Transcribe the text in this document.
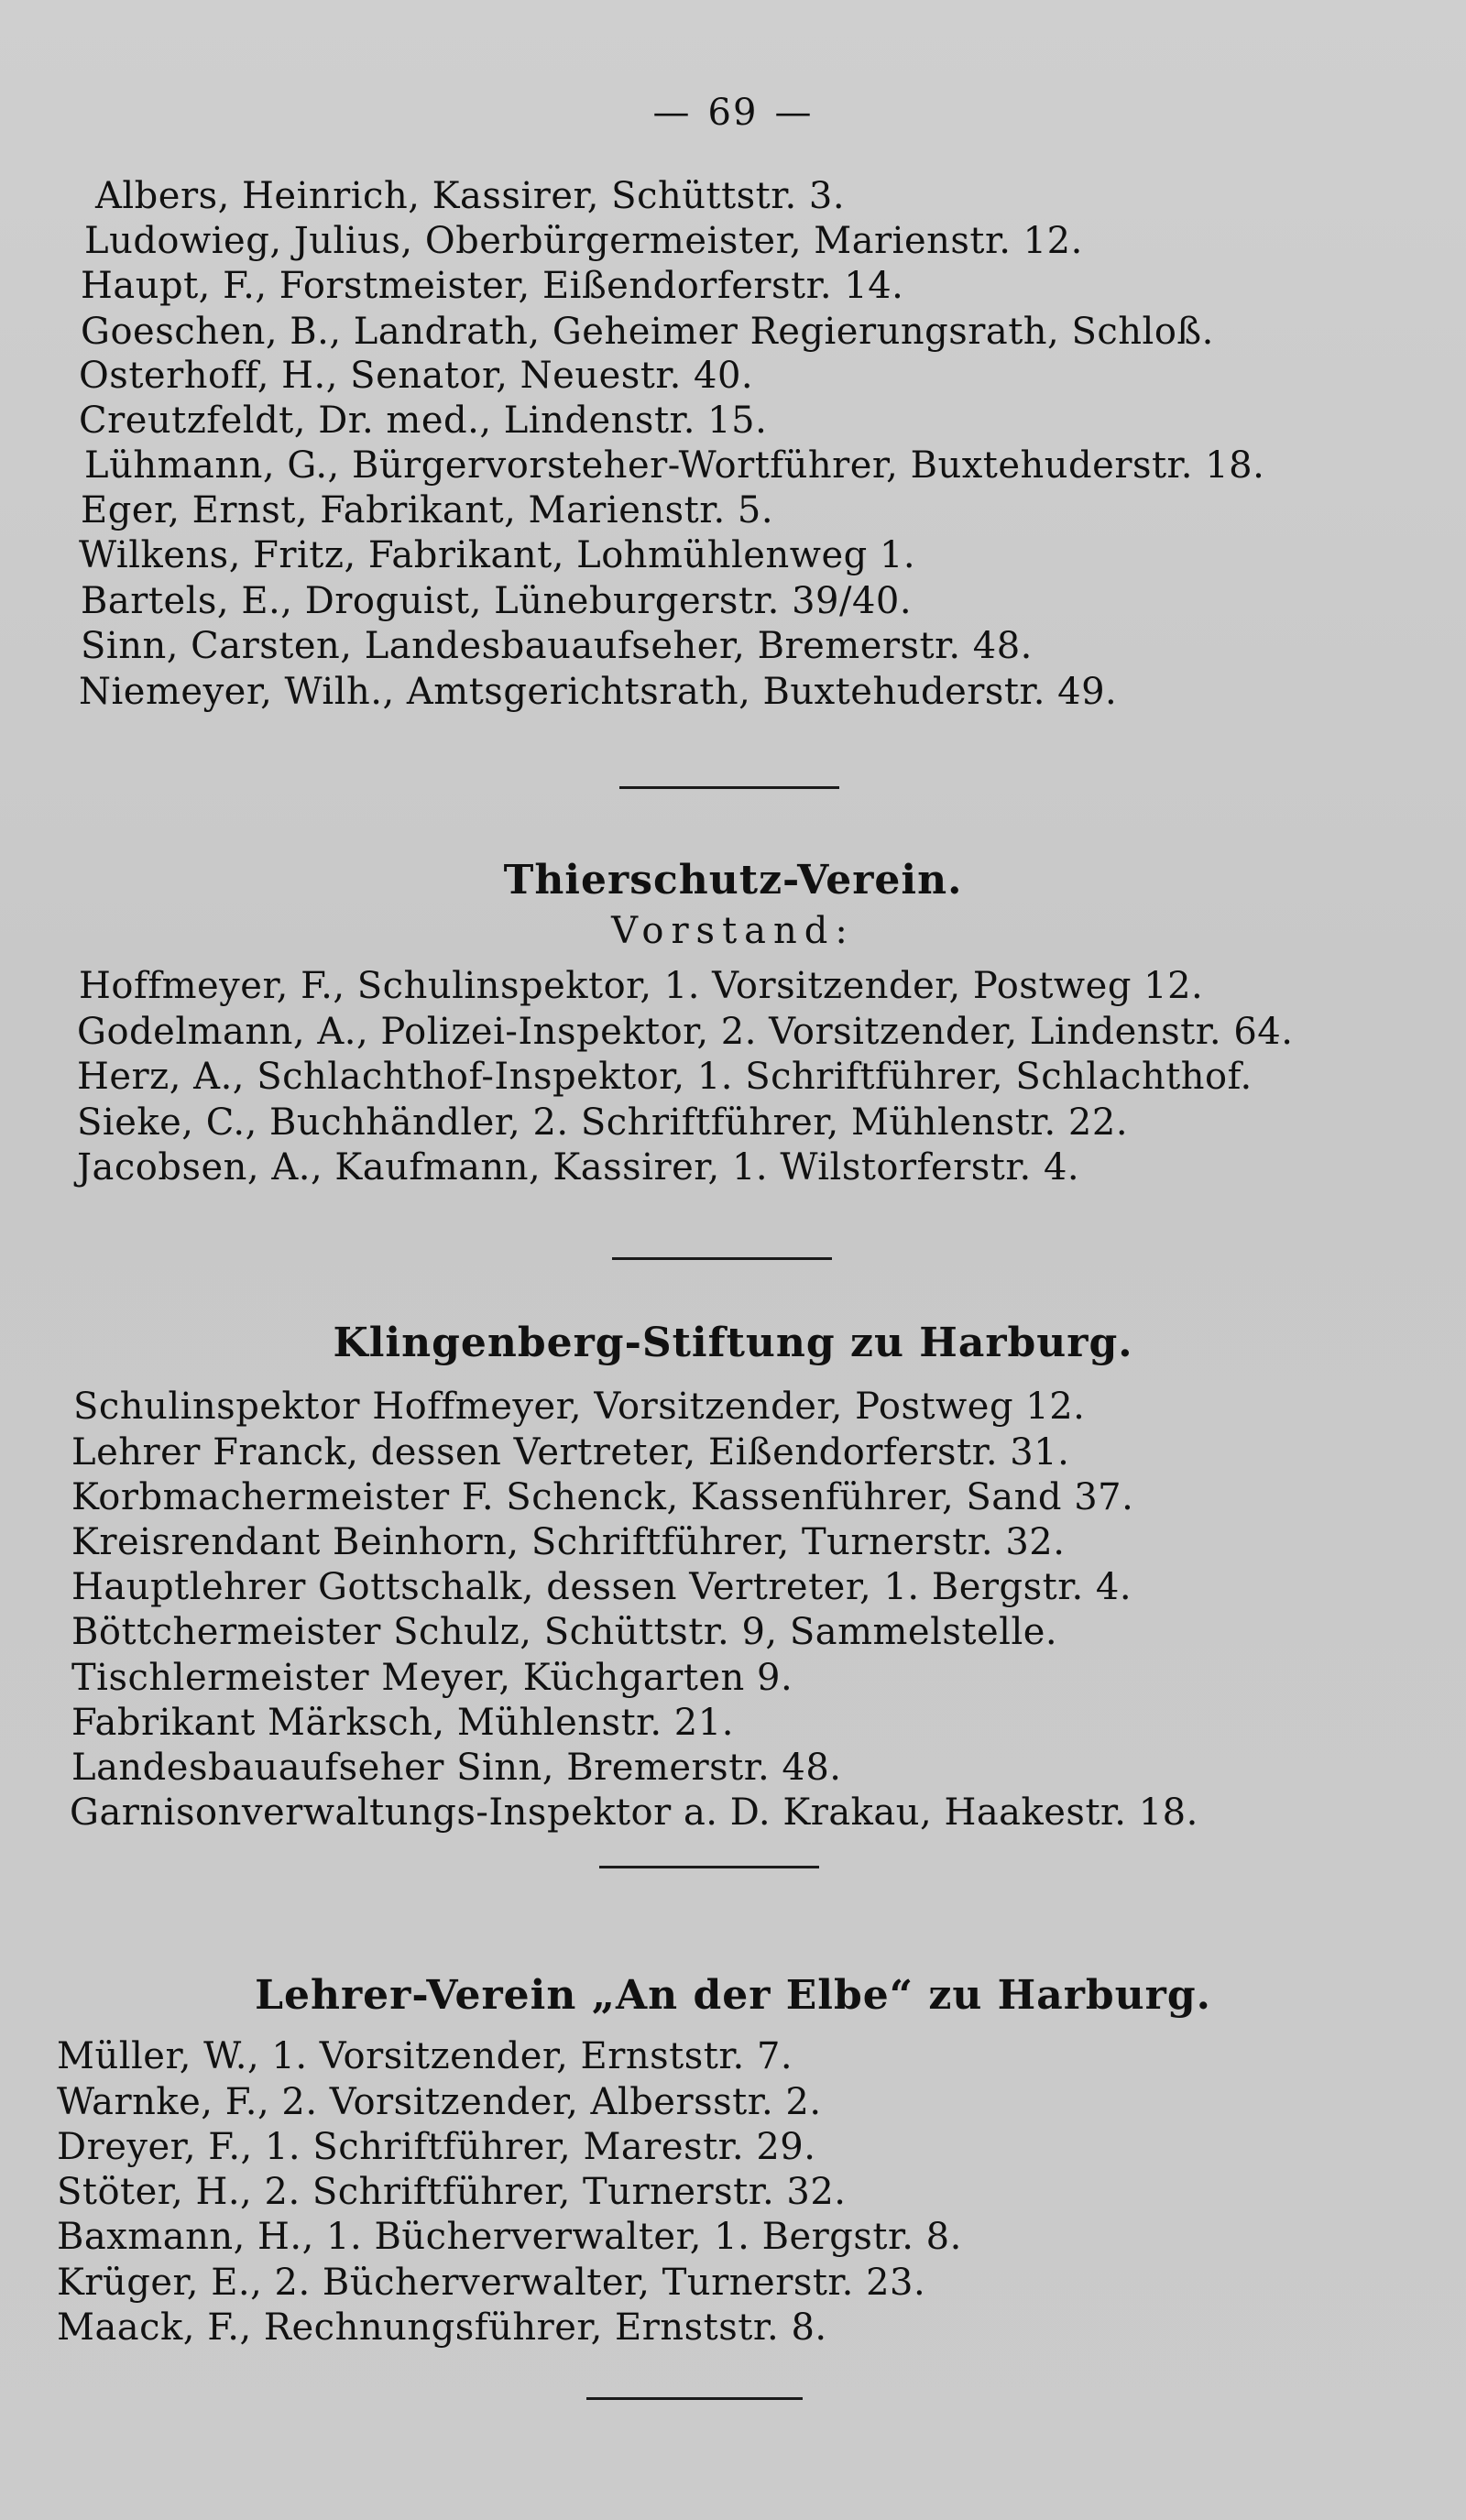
— 69 —
Albers, Heinrich, Kassirer, Schüttstr. 3.
Ludowieg, Julius, Oberbürgermeister, Marienstr. 12.
Haupt, F., Forstmeister, Eißendorferstr. 14.
Goeschen, B., Landrath, Geheimer Regierungsrath, Schloß.
Osterhoff, H., Senator, Neuestr. 40.
Creutzfeldt, Dr. med., Lindenstr. 15.
Lühmann, G., Bürgervorsteher-Wortführer, Buxtehuderstr. 18.
Eger, Ernst, Fabrikant, Marienstr. 5.
Wilkens, Fritz, Fabrikant, Lohmühlenweg 1.
Bartels, E., Droguist, Lüneburgerstr. 39/40.
Sinn, Carsten, Landesbauaufseher, Bremerstr. 48.
Niemeyer, Wilh., Amtsgerichtsrath, Buxtehuderstr. 49.
Thierschutz-Verein.
Vorstand:
Hoffmeyer, F., Schulinspektor, 1. Vorsitzender, Postweg 12.
Godelmann, A., Polizei-Inspektor, 2. Vorsitzender, Lindenstr. 64.
Herz, A., Schlachthof-Inspektor, 1. Schriftführer, Schlachthof.
Sieke, C., Buchhändler, 2. Schriftführer, Mühlenstr. 22.
Jacobsen, A., Kaufmann, Kassirer, 1. Wilstorferstr. 4.
Klingenberg-Stiftung zu Harburg.
Schulinspektor Hoffmeyer, Vorsitzender, Postweg 12.
Lehrer Franck, dessen Vertreter, Eißendorferstr. 31.
Korbmachermeister F. Schenck, Kassenführer, Sand 37.
Kreisrendant Beinhorn, Schriftführer, Turnerstr. 32.
Hauptlehrer Gottschalk, dessen Vertreter, 1. Bergstr. 4.
Böttchermeister Schulz, Schüttstr. 9, Sammelstelle.
Tischlermeister Meyer, Küchgarten 9.
Fabrikant Märksch, Mühlenstr. 21.
Landesbauaufseher Sinn, Bremerstr. 48.
Garnisonverwaltungs-Inspektor a. D. Krakau, Haakestr. 18.
Lehrer-Verein „An der Elbe“ zu Harburg.
Müller, W., 1. Vorsitzender, Ernststr. 7.
Warnke, F., 2. Vorsitzender, Albersstr. 2.
Dreyer, F., 1. Schriftführer, Marestr. 29.
Stöter, H., 2. Schriftführer, Turnerstr. 32.
Baxmann, H., 1. Bücherverwalter, 1. Bergstr. 8.
Krüger, E., 2. Bücherverwalter, Turnerstr. 23.
Maack, F., Rechnungsführer, Ernststr. 8.
